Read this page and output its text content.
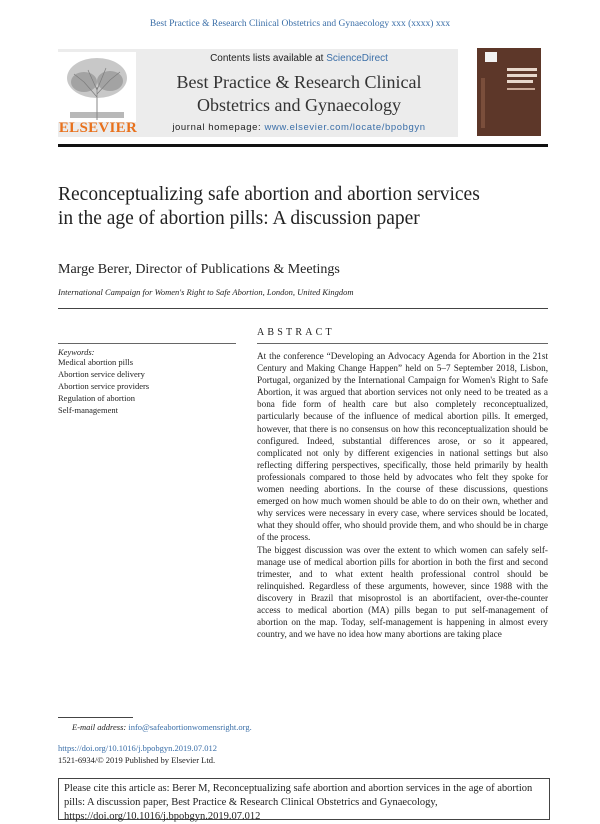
Best Practice & Research Clinical Obstetrics and Gynaecology xxx (xxxx) xxx
ELSEVIER
Contents lists available at ScienceDirect
Best Practice & Research Clinical Obstetrics and Gynaecology
journal homepage: www.elsevier.com/locate/bpobgyn
Reconceptualizing safe abortion and abortion services in the age of abortion pills: A discussion paper
Marge Berer, Director of Publications & Meetings
International Campaign for Women's Right to Safe Abortion, London, United Kingdom
ABSTRACT
Keywords:
Medical abortion pills
Abortion service delivery
Abortion service providers
Regulation of abortion
Self-management

At the conference “Developing an Advocacy Agenda for Abortion in the 21st Century and Making Change Happen” held on 5–7 September 2018, Lisbon, Portugal, organized by the International Campaign for Women's Right to Safe Abortion, it was argued that abortion services not only need to be treated as a bona fide form of health care but also completely reconceptualized, particularly because of the influence of medical abortion pills. It emerged, however, that there is no consensus on how this reconceptualization should be configured. Indeed, substantial differences arose, or so it appeared, complicated not only by different exigencies in national settings but also reflecting differing perspectives, specifically, those held primarily by health professionals compared to those held by advocates who felt they spoke for women needing abortions. In the course of these discussions, questions emerged on how much women should be able to do on their own, whether and why services were necessary in every case, where services should be located, what they should offer, who should provide them, and who should be in charge of the process.

The biggest discussion was over the extent to which women can safely self-manage use of medical abortion pills for abortion in both the first and second trimester, and to what extent health professional control should be relinquished. Regardless of these arguments, however, since 1988 with the discovery in Brazil that misoprostol is an abortifacient, over-the-counter access to medical abortion (MA) pills began to put self-management of abortion on the map. Today, self-management is happening in almost every country, and we have no idea how many abortions are taking place

E-mail address: info@safeabortionwomensright.org.
https://doi.org/10.1016/j.bpobgyn.2019.07.012
1521-6934/© 2019 Published by Elsevier Ltd.
Please cite this article as: Berer M, Reconceptualizing safe abortion and abortion services in the age of abortion pills: A discussion paper, Best Practice & Research Clinical Obstetrics and Gynaecology, https://doi.org/10.1016/j.bpobgyn.2019.07.012
